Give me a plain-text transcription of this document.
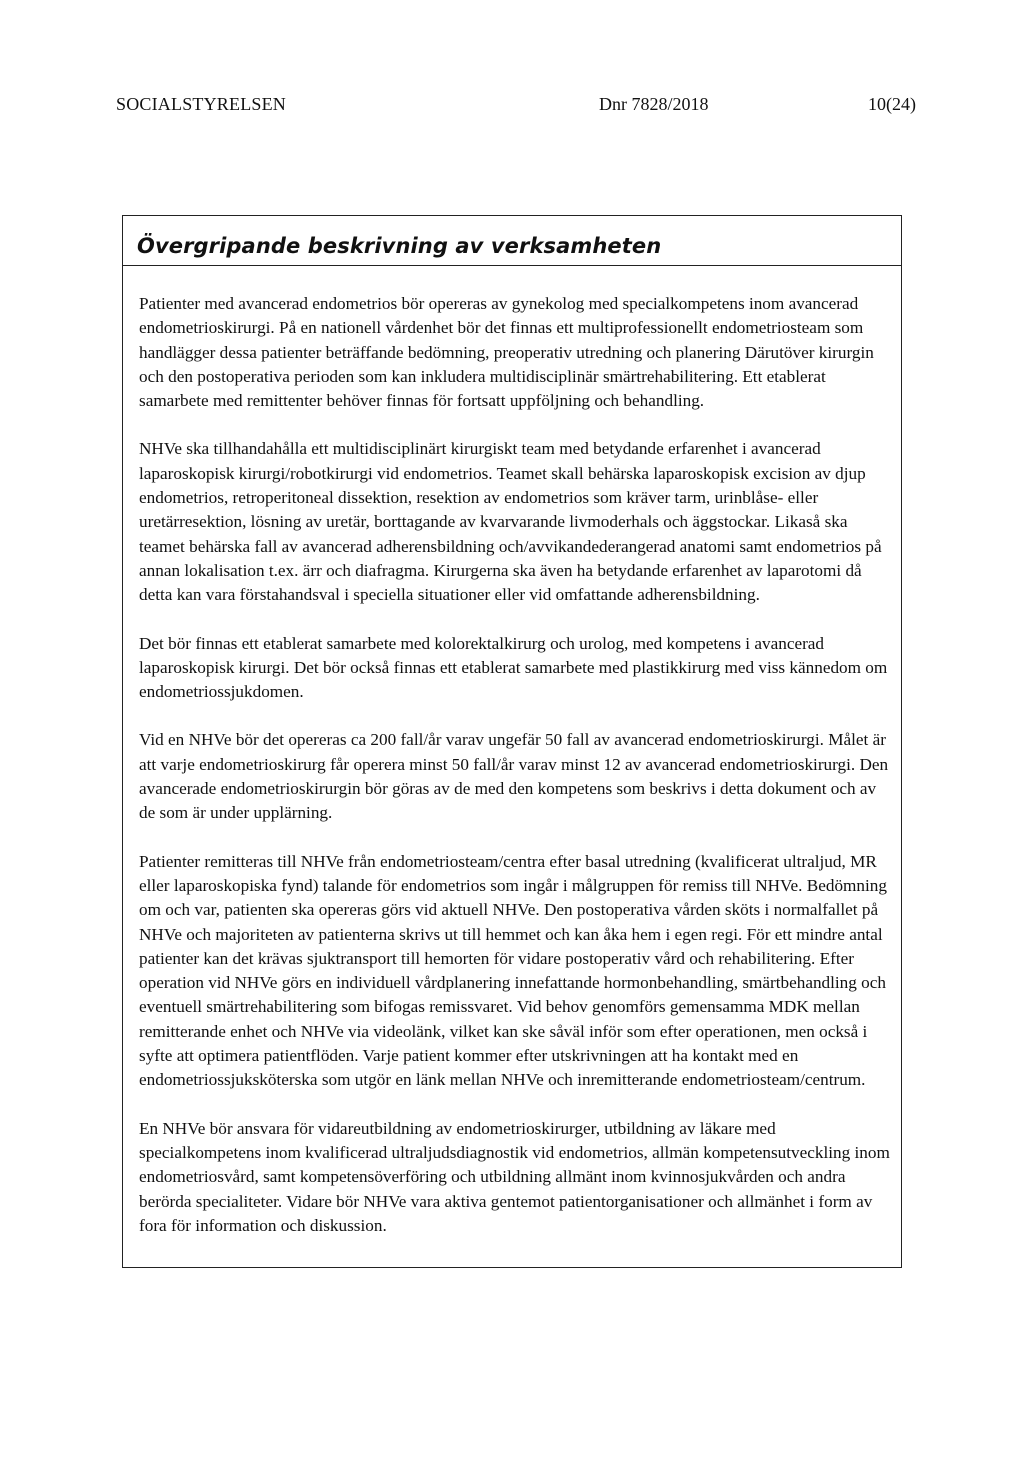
SOCIALSTYRELSEN	Dnr 7828/2018	10(24)
Övergripande beskrivning av verksamheten

Patienter med avancerad endometrios bör opereras av gynekolog med specialkompetens inom avancerad endometrioskirurgi. På en nationell vårdenhet bör det finnas ett multiprofessionellt endometriosteam som handlägger dessa patienter beträffande bedömning, preoperativ utredning och planering Därutöver kirurgin och den postoperativa perioden som kan inkludera multidisciplinär smärtrehabilitering. Ett etablerat samarbete med remittenter behöver finnas för fortsatt uppföljning och behandling.

NHVe ska tillhandahålla ett multidisciplinärt kirurgiskt team med betydande erfarenhet i avancerad laparoskopisk kirurgi/robotkirurgi vid endometrios. Teamet skall behärska laparoskopisk excision av djup endometrios, retroperitoneal dissektion, resektion av endometrios som kräver tarm, urinblåse- eller uretärresektion, lösning av uretär, borttagande av kvarvarande livmoderhals och äggstockar. Likaså ska teamet behärska fall av avancerad adherensbildning och/avvikandederangerad anatomi samt endometrios på annan lokalisation t.ex. ärr och diafragma. Kirurgerna ska även ha betydande erfarenhet av laparotomi då detta kan vara förstahandsval i speciella situationer eller vid omfattande adherensbildning.

Det bör finnas ett etablerat samarbete med kolorektalkirurg och urolog, med kompetens i avancerad laparoskopisk kirurgi. Det bör också finnas ett etablerat samarbete med plastikkirurg med viss kännedom om endometriossjukdomen.

Vid en NHVe bör det opereras ca 200 fall/år varav ungefär 50 fall av avancerad endometrioskirurgi. Målet är att varje endometrioskirurg får operera minst 50 fall/år varav minst 12 av avancerad endometrioskirurgi. Den avancerade endometrioskirurgin bör göras av de med den kompetens som beskrivs i detta dokument och av de som är under upplärning.

Patienter remitteras till NHVe från endometriosteam/centra efter basal utredning (kvalificerat ultraljud, MR eller laparoskopiska fynd) talande för endometrios som ingår i målgruppen för remiss till NHVe. Bedömning om och var, patienten ska opereras görs vid aktuell NHVe. Den postoperativa vården sköts i normalfallet på NHVe och majoriteten av patienterna skrivs ut till hemmet och kan åka hem i egen regi. För ett mindre antal patienter kan det krävas sjuktransport till hemorten för vidare postoperativ vård och rehabilitering. Efter operation vid NHVe görs en individuell vårdplanering innefattande hormonbehandling, smärtbehandling och eventuell smärtrehabilitering som bifogas remissvaret. Vid behov genomförs gemensamma MDK mellan remitterande enhet och NHVe via videolänk, vilket kan ske såväl inför som efter operationen, men också i syfte att optimera patientflöden. Varje patient kommer efter utskrivningen att ha kontakt med en endometriossjuksköterska som utgör en länk mellan NHVe och inremitterande endometriosteam/centrum.

En NHVe bör ansvara för vidareutbildning av endometrioskirurger, utbildning av läkare med specialkompetens inom kvalificerad ultraljudsdiagnostik vid endometrios, allmän kompetensutveckling inom endometriosvård, samt kompetensöverföring och utbildning allmänt inom kvinnosjukvården och andra berörda specialiteter. Vidare bör NHVe vara aktiva gentemot patientorganisationer och allmänhet i form av fora för information och diskussion.
